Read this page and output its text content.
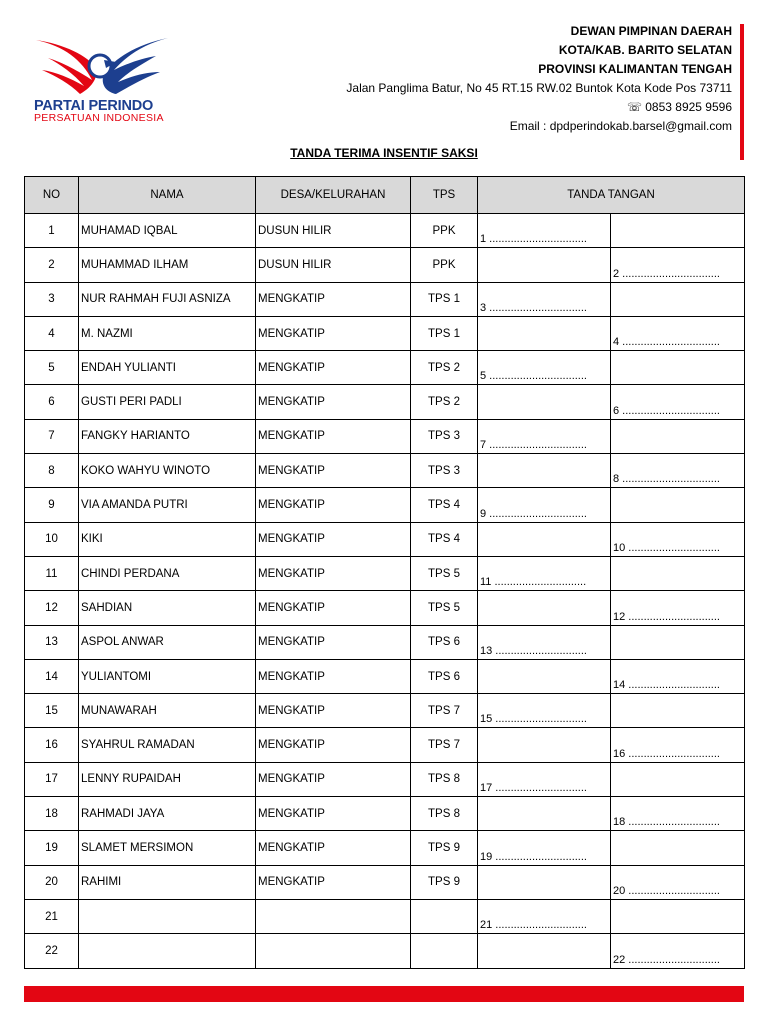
PARTAI PERINDO
PERSATUAN INDONESIA
DEWAN PIMPINAN DAERAH
KOTA/KAB. BARITO SELATAN
PROVINSI KALIMANTAN TENGAH
Jalan Panglima Batur, No 45 RT.15 RW.02 Buntok Kota Kode Pos 73711
☏ 0853 8925 9596
Email : dpdperindokab.barsel@gmail.com
TANDA TERIMA INSENTIF SAKSI
NO	NAMA	DESA/KELURAHAN	TPS	TANDA TANGAN	
1	MUHAMAD IQBAL	DUSUN HILIR	PPK	1 ................................	

2	MUHAMMAD ILHAM	DUSUN HILIR	PPK		2 ................................

3	NUR RAHMAH FUJI ASNIZA	MENGKATIP	TPS 1	3 ................................	

4	M. NAZMI	MENGKATIP	TPS 1		4 ................................

5	ENDAH YULIANTI	MENGKATIP	TPS 2	5 ................................	

6	GUSTI PERI PADLI	MENGKATIP	TPS 2		6 ................................

7	FANGKY HARIANTO	MENGKATIP	TPS 3	7 ................................	

8	KOKO WAHYU WINOTO	MENGKATIP	TPS 3		8 ................................

9	VIA AMANDA PUTRI	MENGKATIP	TPS 4	9 ................................	

10	KIKI	MENGKATIP	TPS 4		10 ..............................

11	CHINDI PERDANA	MENGKATIP	TPS 5	11 ..............................	

12	SAHDIAN	MENGKATIP	TPS 5		12 ..............................

13	ASPOL ANWAR	MENGKATIP	TPS 6	13 ..............................	

14	YULIANTOMI	MENGKATIP	TPS 6		14 ..............................

15	MUNAWARAH	MENGKATIP	TPS 7	15 ..............................	

16	SYAHRUL RAMADAN	MENGKATIP	TPS 7		16 ..............................

17	LENNY RUPAIDAH	MENGKATIP	TPS 8	17 ..............................	

18	RAHMADI JAYA	MENGKATIP	TPS 8		18 ..............................

19	SLAMET MERSIMON	MENGKATIP	TPS 9	19 ..............................	

20	RAHIMI	MENGKATIP	TPS 9		20 ..............................

21				21 ..............................	

22					22 ..............................
